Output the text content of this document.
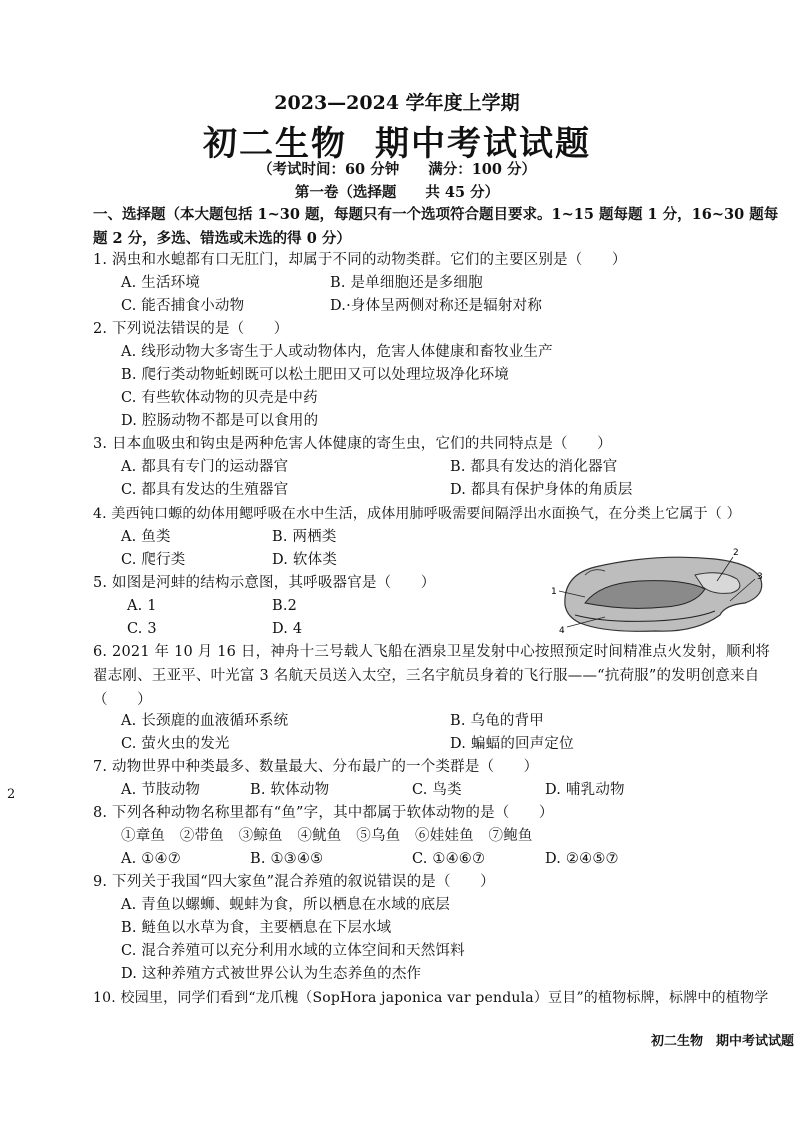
2023—2024 学年度上学期
初二生物 期中考试试题
（考试时间：60 分钟　　满分：100 分）
第一卷（选择题　　共 45 分）
一、选择题（本大题包括 1~30 题，每题只有一个选项符合题目要求。1~15 题每题 1 分，16~30 题每题 2 分，多选、错选或未选的得 0 分）
1. 涡虫和水螅都有口无肛门，却属于不同的动物类群。它们的主要区别是（　　）
A. 生活环境	B. 是单细胞还是多细胞
C. 能否捕食小动物	D.·身体呈两侧对称还是辐射对称
2. 下列说法错误的是（　　）
A. 线形动物大多寄生于人或动物体内，危害人体健康和畜牧业生产
B. 爬行类动物蚯蚓既可以松土肥田又可以处理垃圾净化环境
C. 有些软体动物的贝壳是中药
D. 腔肠动物不都是可以食用的
3. 日本血吸虫和钩虫是两种危害人体健康的寄生虫，它们的共同特点是（　　）
A. 都具有专门的运动器官	B. 都具有发达的消化器官
C. 都具有发达的生殖器官	D. 都具有保护身体的角质层
4. 美西钝口螈的幼体用鳃呼吸在水中生活，成体用肺呼吸需要间隔浮出水面换气，在分类上它属于（ ）
A. 鱼类	B. 两栖类
C. 爬行类	D. 软体类
5. 如图是河蚌的结构示意图，其呼吸器官是（　　）
A. 1	B.2
C. 3	D. 4
1
2
3
4
6. 2021 年 10 月 16 日，神舟十三号载人飞船在酒泉卫星发射中心按照预定时间精准点火发射，顺利将翟志刚、王亚平、叶光富 3 名航天员送入太空，三名宇航员身着的飞行服——“抗荷服”的发明创意来自（　　）
A. 长颈鹿的血液循环系统	B. 乌龟的背甲
C. 萤火虫的发光	D. 蝙蝠的回声定位
7. 动物世界中种类最多、数量最大、分布最广的一个类群是（　　）
A. 节肢动物	B. 软体动物	C. 鸟类	D. 哺乳动物
8. 下列各种动物名称里都有“鱼”字，其中都属于软体动物的是（　　）
①章鱼　②带鱼　③鲸鱼　④鱿鱼　⑤乌鱼　⑥娃娃鱼　⑦鲍鱼
A. ①④⑦	B. ①③④⑤	C. ①④⑥⑦	D. ②④⑤⑦
9. 下列关于我国“四大家鱼”混合养殖的叙说错误的是（　　）
A. 青鱼以螺蛳、蚬蚌为食，所以栖息在水域的底层
B. 鲢鱼以水草为食，主要栖息在下层水域
C. 混合养殖可以充分利用水域的立体空间和天然饵料
D. 这种养殖方式被世界公认为生态养鱼的杰作
10. 校园里，同学们看到“龙爪槐（SopHora japonica var pendula）豆目”的植物标牌，标牌中的植物学
2
初二生物　期中考试试题
